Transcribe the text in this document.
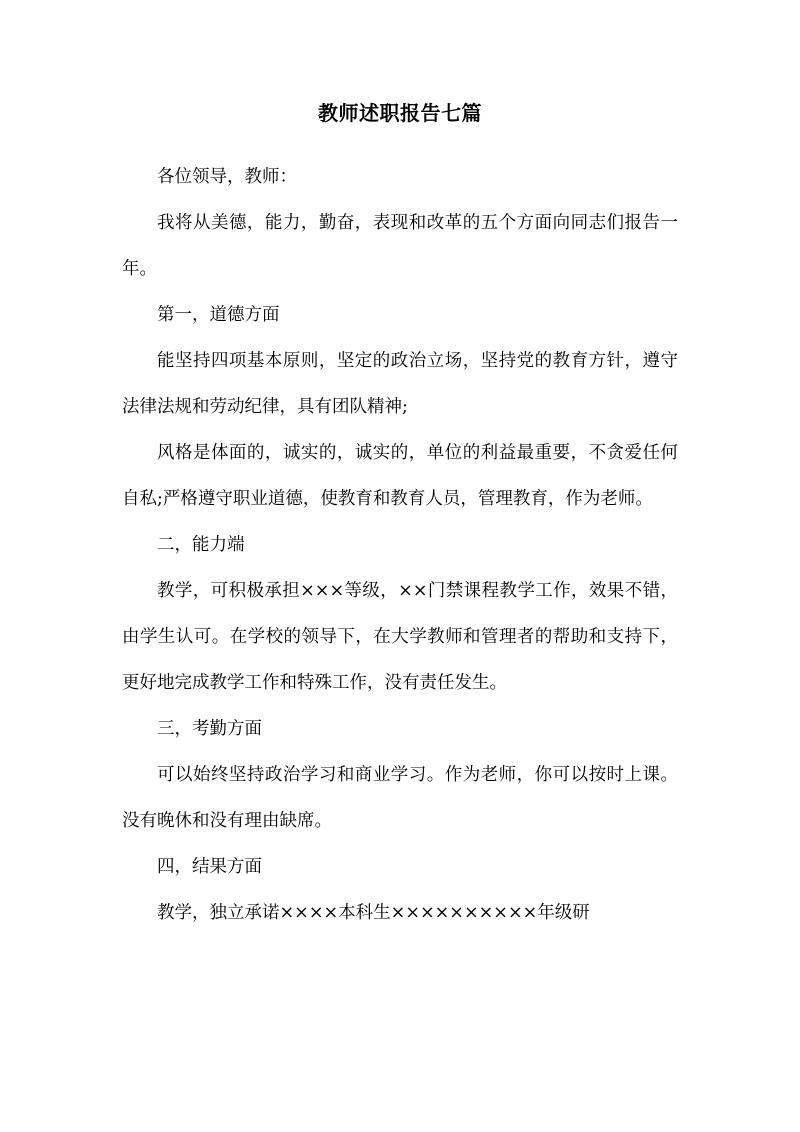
教师述职报告七篇

各位领导，教师：

我将从美德，能力，勤奋，表现和改革的五个方面向同志们报告一年。

第一，道德方面

能坚持四项基本原则，坚定的政治立场，坚持党的教育方针，遵守法律法规和劳动纪律，具有团队精神;

风格是体面的，诚实的，诚实的，单位的利益最重要，不贪爱任何自私;严格遵守职业道德，使教育和教育人员，管理教育，作为老师。

二，能力端

教学，可积极承担×××等级，××门禁课程教学工作，效果不错，由学生认可。在学校的领导下，在大学教师和管理者的帮助和支持下，更好地完成教学工作和特殊工作，没有责任发生。

三，考勤方面

可以始终坚持政治学习和商业学习。作为老师，你可以按时上课。没有晚休和没有理由缺席。

四，结果方面

教学，独立承诺××××本科生××××××××××年级研
